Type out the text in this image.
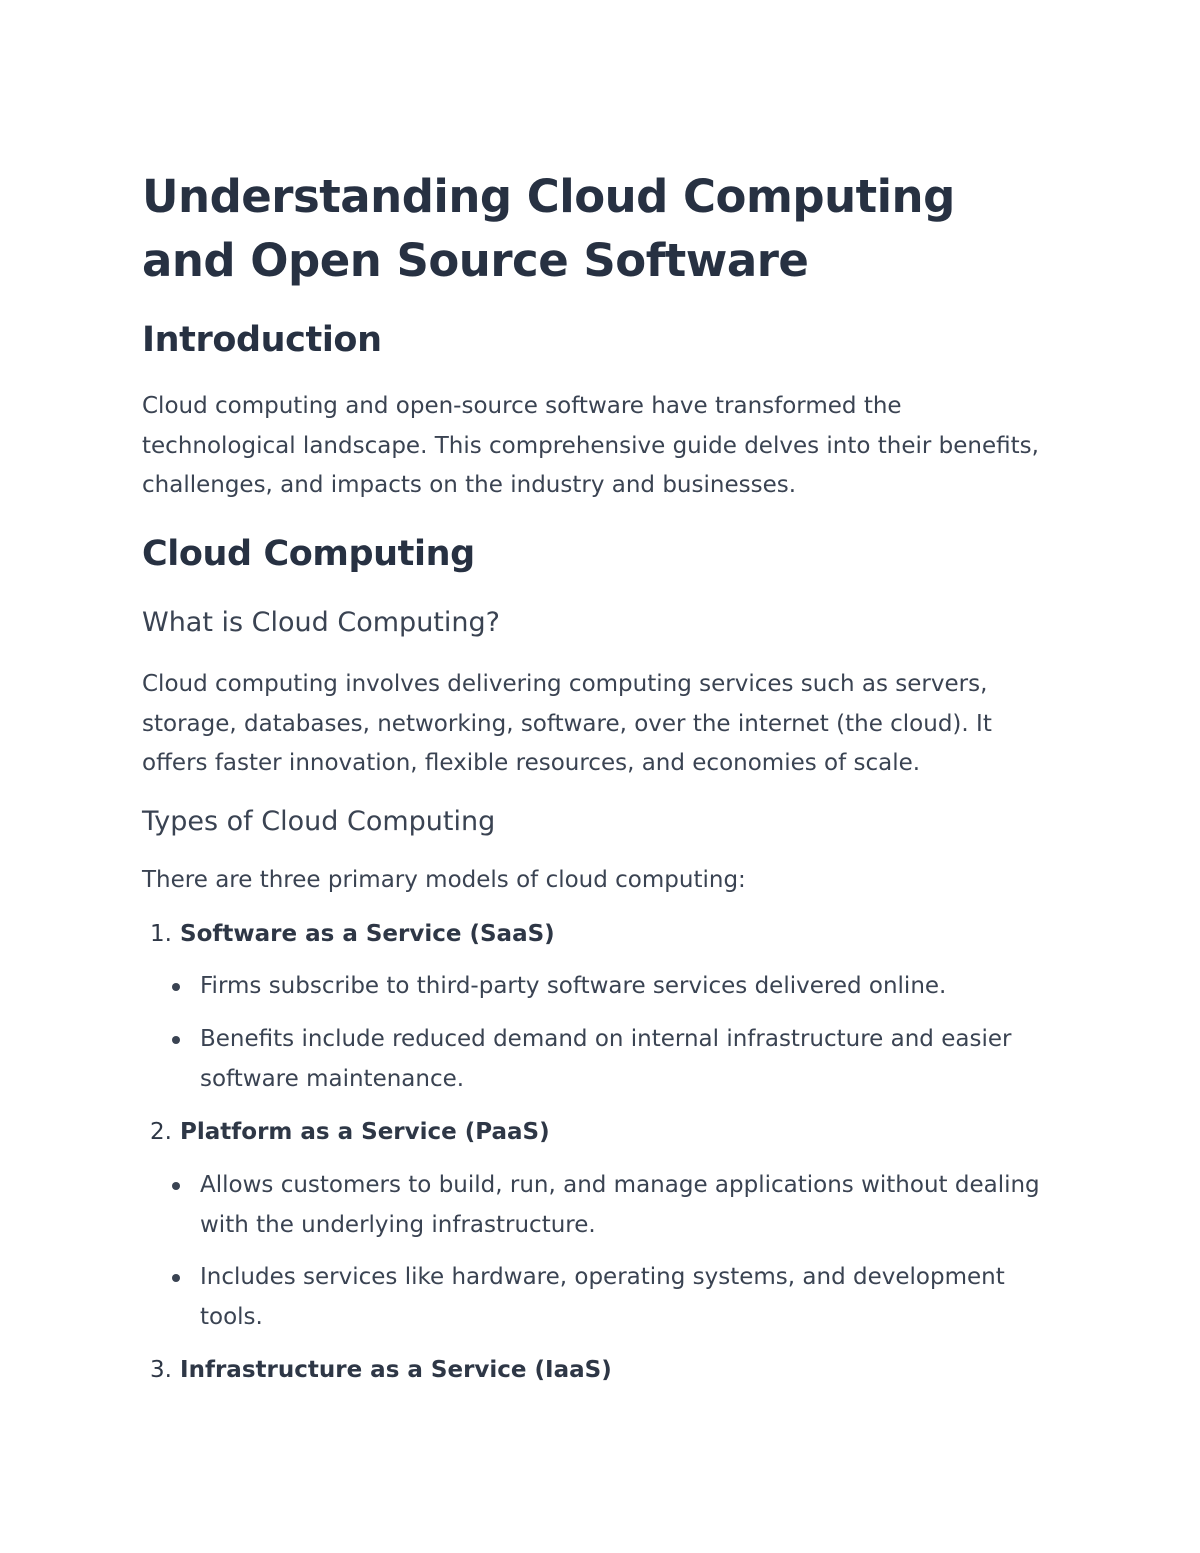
Understanding Cloud Computing and Open Source Software
Introduction

Cloud computing and open-source software have transformed the technological landscape. This comprehensive guide delves into their benefits, challenges, and impacts on the industry and businesses.

Cloud Computing
What is Cloud Computing?

Cloud computing involves delivering computing services such as servers, storage, databases, networking, software, over the internet (the cloud). It offers faster innovation, flexible resources, and economies of scale.

Types of Cloud Computing

There are three primary models of cloud computing:

1. Software as a Service (SaaS)
Firms subscribe to third-party software services delivered online.
Benefits include reduced demand on internal infrastructure and easier software maintenance.
2. Platform as a Service (PaaS)
Allows customers to build, run, and manage applications without dealing with the underlying infrastructure.
Includes services like hardware, operating systems, and development tools.
3. Infrastructure as a Service (IaaS)
